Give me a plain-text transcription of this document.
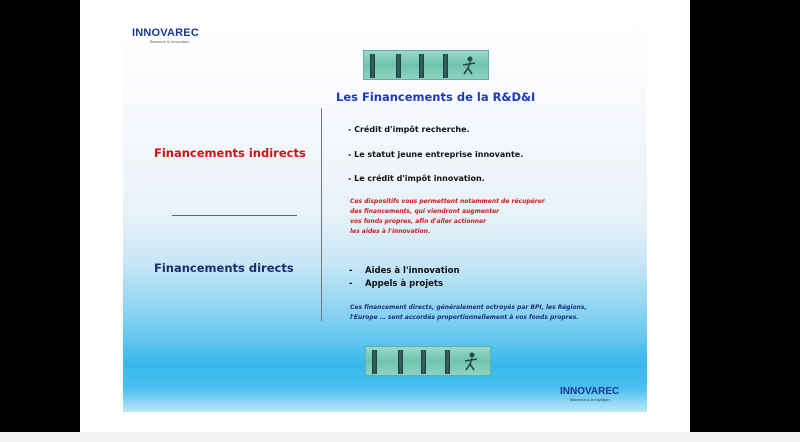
INNOVAREC
Research & Innovation
Les Financements de la R&D&I
Financements indirects
Financements directs
- Crédit d'impôt recherche.
- Le statut jeune entreprise innovante.
- Le crédit d'impôt innovation.
Ces dispositifs vous permettent notamment de récupérer
des financements, qui viendront augmenter
vos fonds propres, afin d'aller actionner
les aides à l'innovation.
- Aides à l'innovation
- Appels à projets
Ces financement directs, généralement octroyés par BPI, les Régions,
l'Europe … sont accordés proportionnellement à vos fonds propres.
INNOVAREC
Research & Innovation
